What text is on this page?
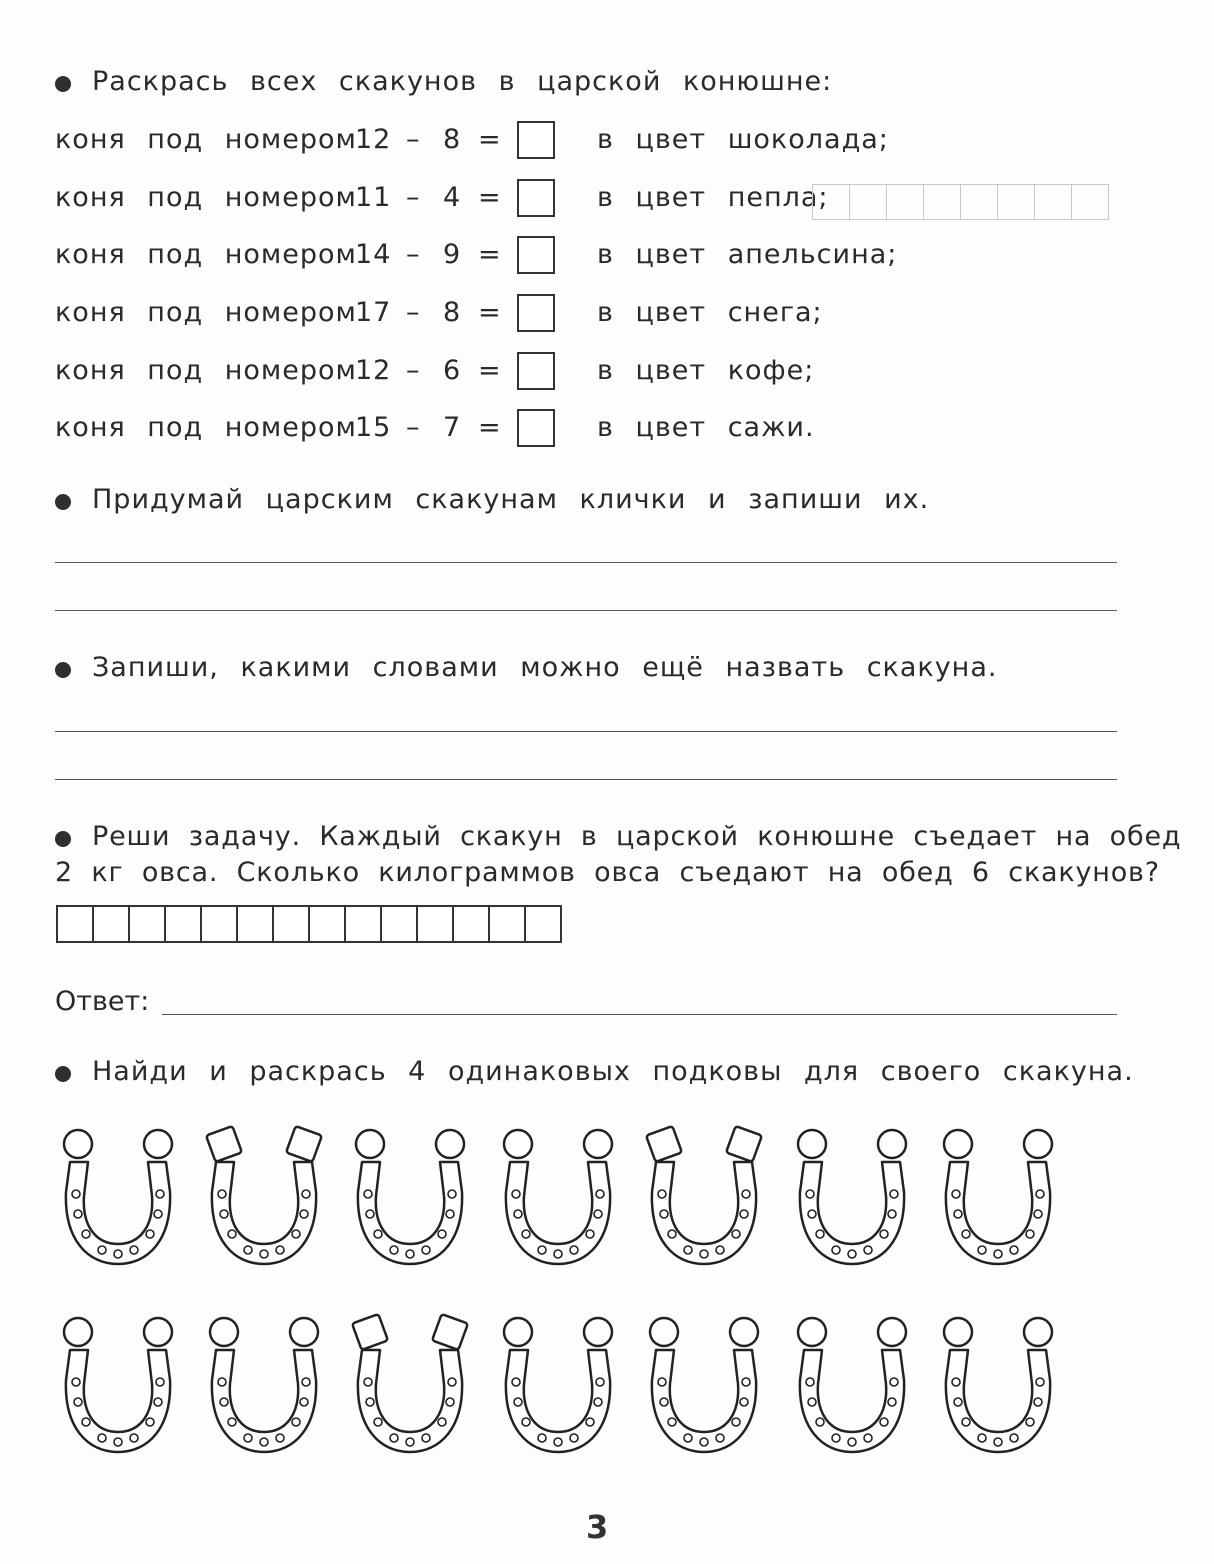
Раскрась всех скакунов в царской конюшне:
коня под номером
12 – 8 =	в цвет шоколада;
коня под номером
11 – 4 =	в цвет пепла;
коня под номером
14 – 9 =	в цвет апельсина;
коня под номером
17 – 8 =	в цвет снега;
коня под номером
12 – 6 =	в цвет кофе;
коня под номером
15 – 7 =	в цвет сажи.
Придумай царским скакунам клички и запиши их.
Запиши, какими словами можно ещё назвать скакуна.
Реши задачу. Каждый скакун в царской конюшне съедает на обед
2 кг овса. Сколько килограммов овса съедают на обед 6 скакунов?
Ответ:
Найди и раскрась 4 одинаковых подковы для своего скакуна.
3
